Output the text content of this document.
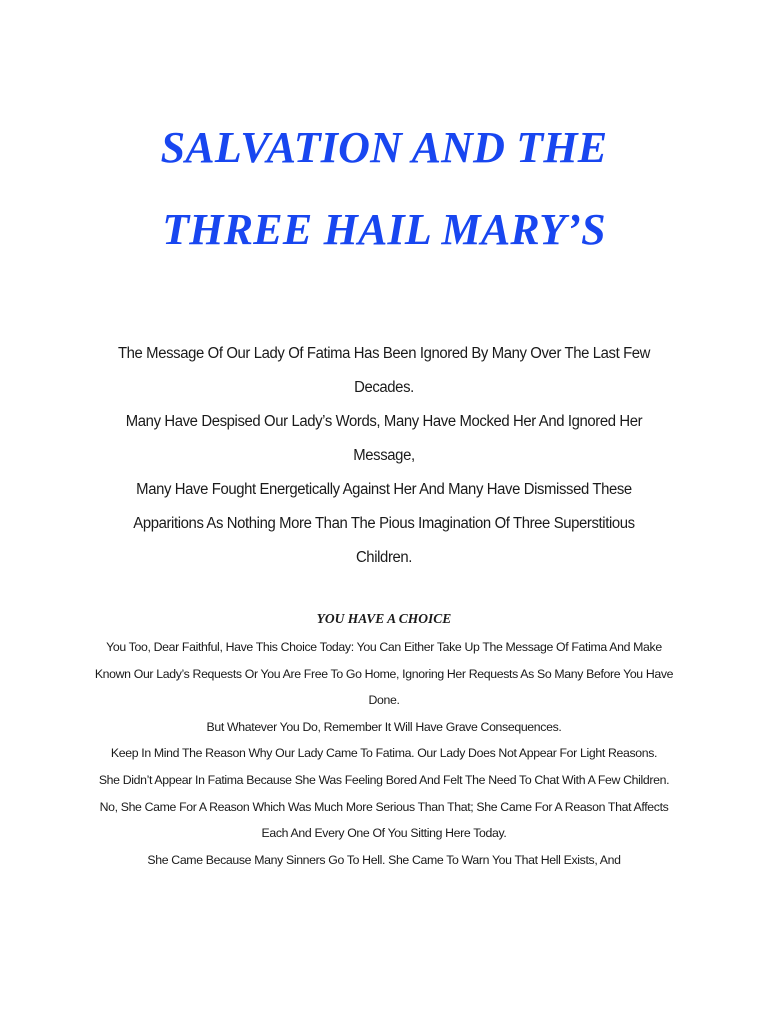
SALVATION AND THE
THREE HAIL MARY’S

The Message Of Our Lady Of Fatima Has Been Ignored By Many Over The Last Few Decades.

Many Have Despised Our Lady’s Words, Many Have Mocked Her And Ignored Her Message,

Many Have Fought Energetically Against Her And Many Have Dismissed These Apparitions As Nothing More Than The Pious Imagination Of Three Superstitious Children.

YOU HAVE A CHOICE

You Too, Dear Faithful, Have This Choice Today: You Can Either Take Up The Message Of Fatima And Make Known Our Lady’s Requests Or You Are Free To Go Home, Ignoring Her Requests As So Many Before You Have Done.

But Whatever You Do, Remember It Will Have Grave Consequences.

Keep In Mind The Reason Why Our Lady Came To Fatima. Our Lady Does Not Appear For Light Reasons.

She Didn’t Appear In Fatima Because She Was Feeling Bored And Felt The Need To Chat With A Few Children.

No, She Came For A Reason Which Was Much More Serious Than That; She Came For A Reason That Affects Each And Every One Of You Sitting Here Today.

She Came Because Many Sinners Go To Hell. She Came To Warn You That Hell Exists, And
